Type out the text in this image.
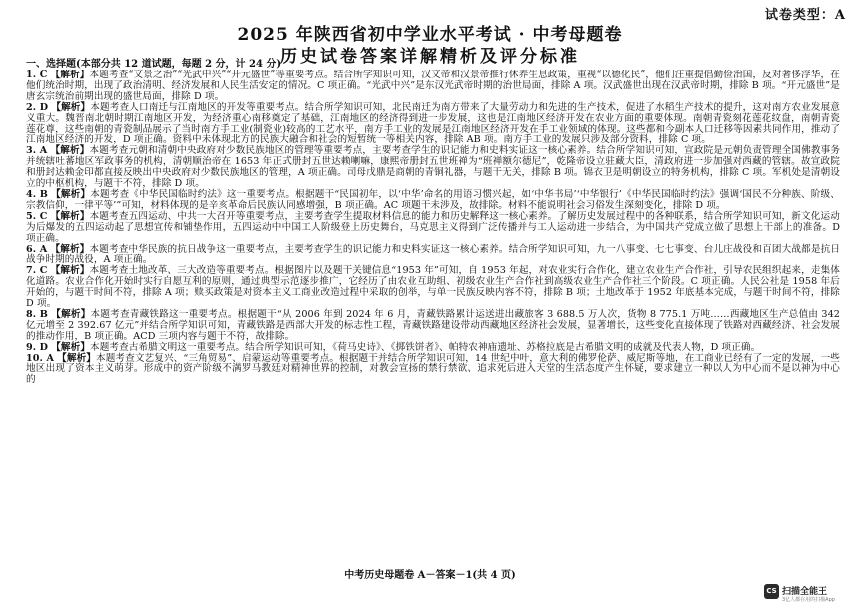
试卷类型：A
2025 年陕西省初中学业水平考试 · 中考母题卷
历史试卷答案详解精析及评分标准
一、选择题(本部分共 12 道试题，每题 2 分，计 24 分)

1. C 【解析】本题考查“文景之治”“光武中兴”“开元盛世”等重要考点。结合所学知识可知，汉文帝和汉景帝推行休养生息政策，重视“以德化民”，他们注重提倡勤俭治国，反对奢侈浮华，在他们统治时期，出现了政治清明、经济发展和人民生活安定的情况。C 项正确。“光武中兴”是东汉光武帝时期的治世局面，排除 A 项。汉武盛世出现在汉武帝时期，排除 B 项。“开元盛世”是唐玄宗统治前期出现的盛世局面，排除 D 项。

2. D 【解析】本题考查人口南迁与江南地区的开发等重要考点。结合所学知识可知，北民南迁为南方带来了大量劳动力和先进的生产技术，促进了水稻生产技术的提升，这对南方农业发展意义重大。魏晋南北朝时期江南地区开发，为经济重心南移奠定了基础，江南地区的经济得到进一步发展，这也是江南地区经济开发在农业方面的重要体现。南朝青瓷刻花莲花纹盘，南朝青瓷莲花尊，这些南朝的青瓷制品展示了当时南方手工业(制瓷业)较高的工艺水平，南方手工业的发展是江南地区经济开发在手工业领域的体现。这些都和今副本人口迁移等因素共同作用，推动了江南地区经济的开发，D 项正确。资料中未体现北方的民族大融合和社会的短暂统一等相关内容，排除 AB 项。南方手工业的发展只涉及部分资料，排除 C 项。

3. A 【解析】本题考查元朝和清朝中央政府对少数民族地区的管理等重要考点，主要考查学生的识记能力和史料实证这一核心素养。结合所学知识可知，宣政院是元朝负责管理全国佛教事务并统辖吐蕃地区军政事务的机构，清朝顺治帝在 1653 年正式册封五世达赖喇嘛，康熙帝册封五世班禅为“班禅额尔德尼”，乾隆帝设立驻藏大臣，清政府进一步加强对西藏的管辖。故宣政院和册封达赖金印都直接反映出中央政府对少数民族地区的管理，A 项正确。司母戊鼎是商朝的青铜礼器，与题干无关，排除 B 项。锦衣卫是明朝设立的特务机构，排除 C 项。军机处是清朝设立的中枢机构，与题干不符，排除 D 项。

4. B 【解析】本题考查《中华民国临时约法》这一重要考点。根据题干“民国初年，以‘中华’命名的用语习惯兴起，如‘中华书局’‘中华银行’《中华民国临时约法》强调‘国民不分种族、阶级、宗教信仰，一律平等’”可知，材料体现的是辛亥革命后民族认同感增强，B 项正确。AC 项题干未涉及，故排除。材料不能说明社会习俗发生深刻变化，排除 D 项。

5. C 【解析】本题考查五四运动、中共一大召开等重要考点，主要考查学生提取材料信息的能力和历史解释这一核心素养。了解历史发展过程中的各种联系，结合所学知识可知，新文化运动为后爆发的五四运动起了思想宣传和铺垫作用，五四运动中中国工人阶级登上历史舞台，马克思主义得到广泛传播并与工人运动进一步结合，为中国共产党成立做了思想上干部上的准备。D 项正确。

6. A 【解析】本题考查中华民族的抗日战争这一重要考点，主要考查学生的识记能力和史料实证这一核心素养。结合所学知识可知，九一八事变、七七事变、台儿庄战役和百团大战都是抗日战争时期的战役，A 项正确。

7. C 【解析】本题考查土地改革、三大改造等重要考点。根据图片以及题干关键信息“1953 年”可知，自 1953 年起，对农业实行合作化，建立农业生产合作社，引导农民组织起来，走集体化道路。农业合作化开始时实行自愿互利的原则，通过典型示范逐步推广，它经历了由农业互助组、初级农业生产合作社到高级农业生产合作社三个阶段。C 项正确。人民公社是 1958 年后开始的，与题干时间不符，排除 A 项；赎买政策是对资本主义工商业改造过程中采取的创举，与单一民族反映内容不符，排除 B 项；土地改革于 1952 年底基本完成，与题干时间不符，排除 D 项。

8. B 【解析】本题考查青藏铁路这一重要考点。根据题干“从 2006 年到 2024 年 6 月，青藏铁路累计运送进出藏旅客 3 688.5 万人次，货物 8 775.1 万吨……西藏地区生产总值由 342 亿元增至 2 392.67 亿元”并结合所学知识可知，青藏铁路是西部大开发的标志性工程，青藏铁路建设带动西藏地区经济社会发展，显著增长，这些变化直接体现了铁路对西藏经济、社会发展的推动作用，B 项正确。ACD 三项内容与题干不符，故排除。

9. D 【解析】本题考查古希腊文明这一重要考点。结合所学知识可知，《荷马史诗》、《掷铁饼者》、帕特农神庙遗址、苏格拉底是古希腊文明的成就及代表人物，D 项正确。

10. A 【解析】本题考查文艺复兴、“三角贸易”、启蒙运动等重要考点。根据题干并结合所学知识可知，14 世纪中叶，意大利的佛罗伦萨、威尼斯等地，在工商业已经有了一定的发展，一些地区出现了资本主义萌芽。形成中的资产阶级不满罗马教廷对精神世界的控制，对教会宣扬的禁行禁欲、追求死后进入天堂的生活态度产生怀疑，要求建立一种以人为中心而不是以神为中心的

中考历史母题卷 A－答案－1(共 4 页)
CS 扫描全能王
3亿人都在用的扫描App
